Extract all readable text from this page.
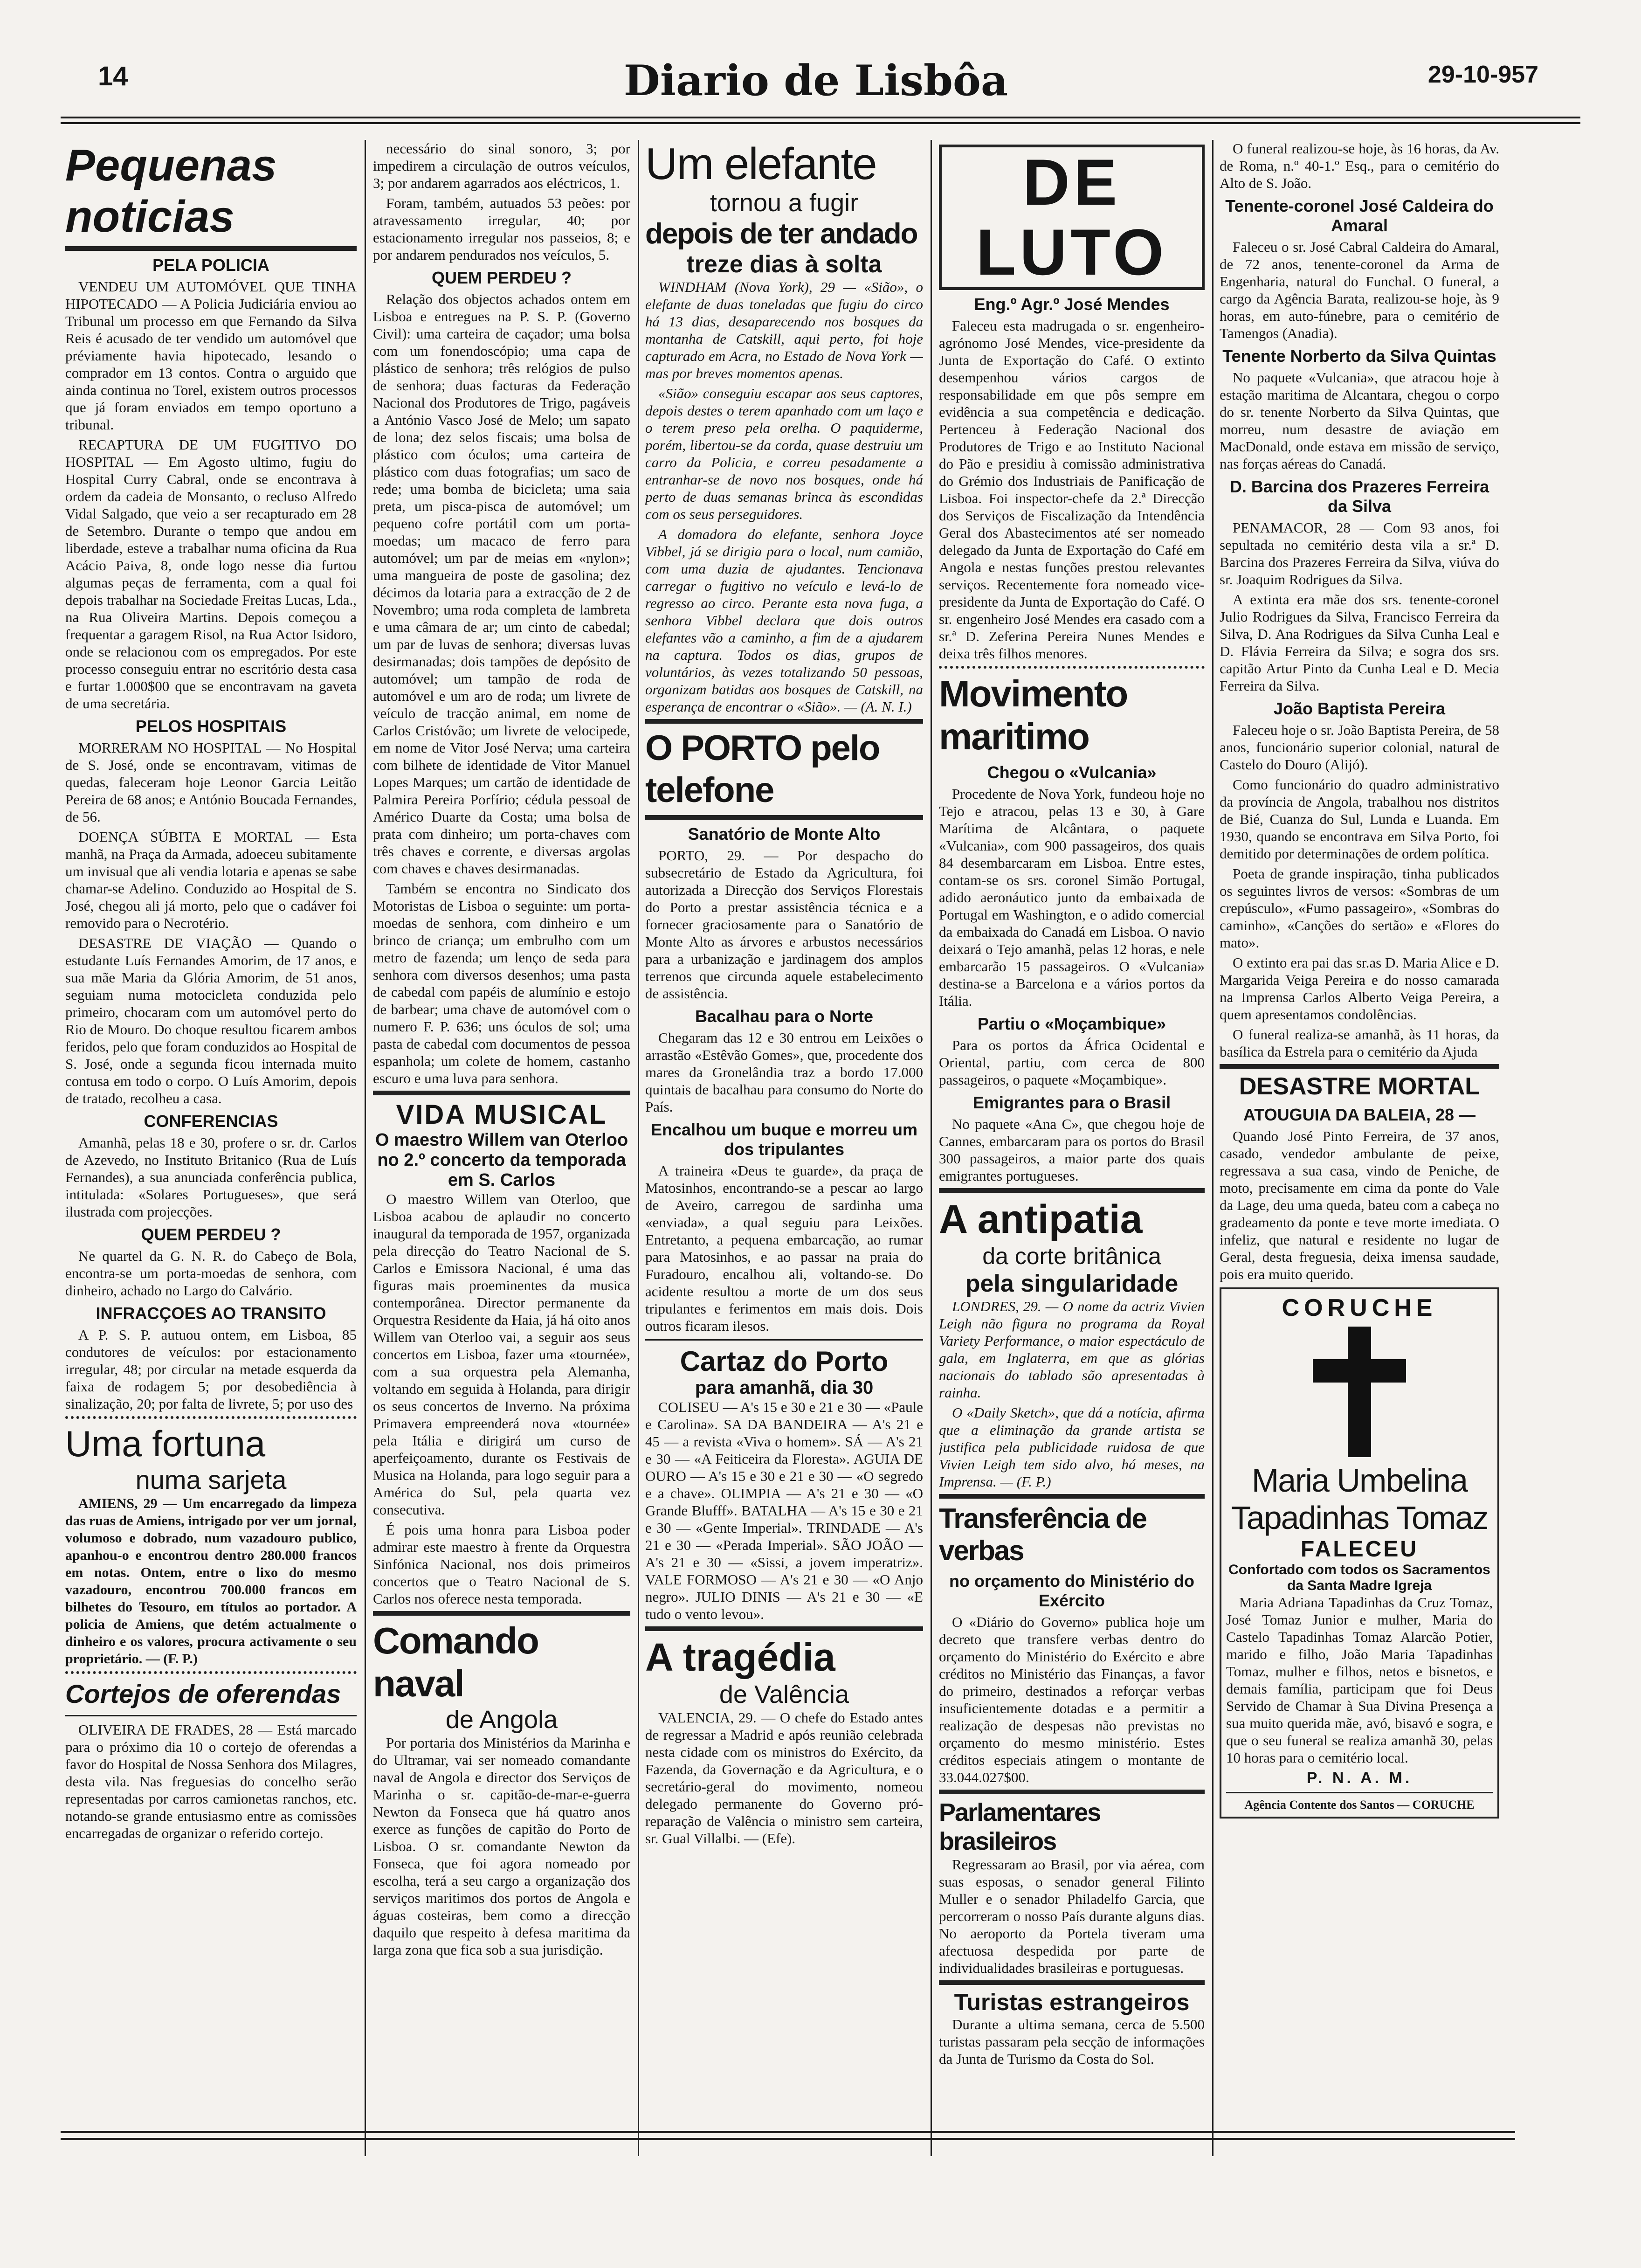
14	Diario de Lisbôa	29-10-957
Pequenas noticias
PELA POLICIA

VENDEU UM AUTOMÓVEL QUE TINHA HIPOTECADO — A Policia Judiciária enviou ao Tribunal um processo em que Fernando da Silva Reis é acusado de ter vendido um automóvel que préviamente havia hipotecado, lesando o comprador em 13 contos. Contra o arguido que ainda continua no Torel, existem outros processos que já foram enviados em tempo oportuno a tribunal.

RECAPTURA DE UM FUGITIVO DO HOSPITAL — Em Agosto ultimo, fugiu do Hospital Curry Cabral, onde se encontrava à ordem da cadeia de Monsanto, o recluso Alfredo Vidal Salgado, que veio a ser recapturado em 28 de Setembro. Durante o tempo que andou em liberdade, esteve a trabalhar numa oficina da Rua Acácio Paiva, 8, onde logo nesse dia furtou algumas peças de ferramenta, com a qual foi depois trabalhar na Sociedade Freitas Lucas, Lda., na Rua Oliveira Martins. Depois começou a frequentar a garagem Risol, na Rua Actor Isidoro, onde se relacionou com os empregados. Por este processo conseguiu entrar no escritório desta casa e furtar 1.000$00 que se encontravam na gaveta de uma secretária.

PELOS HOSPITAIS

MORRERAM NO HOSPITAL — No Hospital de S. José, onde se encontravam, vitimas de quedas, faleceram hoje Leonor Garcia Leitão Pereira de 68 anos; e António Boucada Fernandes, de 56.

DOENÇA SÚBITA E MORTAL — Esta manhã, na Praça da Armada, adoeceu subitamente um invisual que ali vendia lotaria e apenas se sabe chamar-se Adelino. Conduzido ao Hospital de S. José, chegou ali já morto, pelo que o cadáver foi removido para o Necrotério.

DESASTRE DE VIAÇÃO — Quando o estudante Luís Fernandes Amorim, de 17 anos, e sua mãe Maria da Glória Amorim, de 51 anos, seguiam numa motocicleta conduzida pelo primeiro, chocaram com um automóvel perto do Rio de Mouro. Do choque resultou ficarem ambos feridos, pelo que foram conduzidos ao Hospital de S. José, onde a segunda ficou internada muito contusa em todo o corpo. O Luís Amorim, depois de tratado, recolheu a casa.

CONFERENCIAS

Amanhã, pelas 18 e 30, profere o sr. dr. Carlos de Azevedo, no Instituto Britanico (Rua de Luís Fernandes), a sua anunciada conferência publica, intitulada: «Solares Portugueses», que será ilustrada com projecções.

QUEM PERDEU ?

Ne quartel da G. N. R. do Cabeço de Bola, encontra-se um porta-moedas de senhora, com dinheiro, achado no Largo do Calvário.

INFRACÇOES AO TRANSITO

A P. S. P. autuou ontem, em Lisboa, 85 condutores de veículos: por estacionamento irregular, 48; por circular na metade esquerda da faixa de rodagem 5; por desobediência à sinalização, 20; por falta de livrete, 5; por uso des

Uma fortuna
numa sarjeta

AMIENS, 29 — Um encarregado da limpeza das ruas de Amiens, intrigado por ver um jornal, volumoso e dobrado, num vazadouro publico, apanhou-o e encontrou dentro 280.000 francos em notas. Ontem, entre o lixo do mesmo vazadouro, encontrou 700.000 francos em bilhetes do Tesouro, em títulos ao portador. A policia de Amiens, que detém actualmente o dinheiro e os valores, procura activamente o seu proprietário. — (F. P.)

Cortejos de oferendas

OLIVEIRA DE FRADES, 28 — Está marcado para o próximo dia 10 o cortejo de oferendas a favor do Hospital de Nossa Senhora dos Milagres, desta vila. Nas freguesias do concelho serão representadas por carros camionetas ranchos, etc. notando-se grande entusiasmo entre as comissões encarregadas de organizar o referido cortejo.

necessário do sinal sonoro, 3; por impedirem a circulação de outros veículos, 3; por andarem agarrados aos eléctricos, 1.

Foram, também, autuados 53 peões: por atravessamento irregular, 40; por estacionamento irregular nos passeios, 8; e por andarem pendurados nos veículos, 5.

QUEM PERDEU ?

Relação dos objectos achados ontem em Lisboa e entregues na P. S. P. (Governo Civil): uma carteira de caçador; uma bolsa com um fonendoscópio; uma capa de plástico de senhora; três relógios de pulso de senhora; duas facturas da Federação Nacional dos Produtores de Trigo, pagáveis a António Vasco José de Melo; um sapato de lona; dez selos fiscais; uma bolsa de plástico com óculos; uma carteira de plástico com duas fotografias; um saco de rede; uma bomba de bicicleta; uma saia preta, um pisca-pisca de automóvel; um pequeno cofre portátil com um porta-moedas; um macaco de ferro para automóvel; um par de meias em «nylon»; uma mangueira de poste de gasolina; dez décimos da lotaria para a extracção de 2 de Novembro; uma roda completa de lambreta e uma câmara de ar; um cinto de cabedal; um par de luvas de senhora; diversas luvas desirmanadas; dois tampões de depósito de automóvel; um tampão de roda de automóvel e um aro de roda; um livrete de veículo de tracção animal, em nome de Carlos Cristóvão; um livrete de velocipede, em nome de Vitor José Nerva; uma carteira com bilhete de identidade de Vitor Manuel Lopes Marques; um cartão de identidade de Palmira Pereira Porfírio; cédula pessoal de Américo Duarte da Costa; uma bolsa de prata com dinheiro; um porta-chaves com três chaves e corrente, e diversas argolas com chaves e chaves desirmanadas.

Também se encontra no Sindicato dos Motoristas de Lisboa o seguinte: um porta-moedas de senhora, com dinheiro e um brinco de criança; um embrulho com um metro de fazenda; um lenço de seda para senhora com diversos desenhos; uma pasta de cabedal com papéis de alumínio e estojo de barbear; uma chave de automóvel com o numero F. P. 636; uns óculos de sol; uma pasta de cabedal com documentos de pessoa espanhola; um colete de homem, castanho escuro e uma luva para senhora.

VIDA MUSICAL
O maestro Willem van Oterloo no 2.º concerto da temporada em S. Carlos

O maestro Willem van Oterloo, que Lisboa acabou de aplaudir no concerto inaugural da temporada de 1957, organizada pela direcção do Teatro Nacional de S. Carlos e Emissora Nacional, é uma das figuras mais proeminentes da musica contemporânea. Director permanente da Orquestra Residente da Haia, já há oito anos Willem van Oterloo vai, a seguir aos seus concertos em Lisboa, fazer uma «tournée», com a sua orquestra pela Alemanha, voltando em seguida à Holanda, para dirigir os seus concertos de Inverno. Na próxima Primavera empreenderá nova «tournée» pela Itália e dirigirá um curso de aperfeiçoamento, durante os Festivais de Musica na Holanda, para logo seguir para a América do Sul, pela quarta vez consecutiva.

É pois uma honra para Lisboa poder admirar este maestro à frente da Orquestra Sinfónica Nacional, nos dois primeiros concertos que o Teatro Nacional de S. Carlos nos oferece nesta temporada.

Comando naval
de Angola

Por portaria dos Ministérios da Marinha e do Ultramar, vai ser nomeado comandante naval de Angola e director dos Serviços de Marinha o sr. capitão-de-mar-e-guerra Newton da Fonseca que há quatro anos exerce as funções de capitão do Porto de Lisboa. O sr. comandante Newton da Fonseca, que foi agora nomeado por escolha, terá a seu cargo a organização dos serviços maritimos dos portos de Angola e águas costeiras, bem como a direcção daquilo que respeito à defesa maritima da larga zona que fica sob a sua jurisdição.

Um elefante
tornou a fugir
depois de ter andado
treze dias à solta

WINDHAM (Nova York), 29 — «Sião», o elefante de duas toneladas que fugiu do circo há 13 dias, desaparecendo nos bosques da montanha de Catskill, aqui perto, foi hoje capturado em Acra, no Estado de Nova York — mas por breves momentos apenas.

«Sião» conseguiu escapar aos seus captores, depois destes o terem apanhado com um laço e o terem preso pela orelha. O paquiderme, porém, libertou-se da corda, quase destruiu um carro da Policia, e correu pesadamente a entranhar-se de novo nos bosques, onde há perto de duas semanas brinca às escondidas com os seus perseguidores.

A domadora do elefante, senhora Joyce Vibbel, já se dirigia para o local, num camião, com uma duzia de ajudantes. Tencionava carregar o fugitivo no veículo e levá-lo de regresso ao circo. Perante esta nova fuga, a senhora Vibbel declara que dois outros elefantes vão a caminho, a fim de a ajudarem na captura. Todos os dias, grupos de voluntários, às vezes totalizando 50 pessoas, organizam batidas aos bosques de Catskill, na esperança de encontrar o «Sião». — (A. N. I.)

O PORTO pelo telefone
Sanatório de Monte Alto

PORTO, 29. — Por despacho do subsecretário de Estado da Agricultura, foi autorizada a Direcção dos Serviços Florestais do Porto a prestar assistência técnica e a fornecer graciosamente para o Sanatório de Monte Alto as árvores e arbustos necessários para a urbanização e jardinagem dos amplos terrenos que circunda aquele estabelecimento de assistência.

Bacalhau para o Norte

Chegaram das 12 e 30 entrou em Leixões o arrastão «Estêvão Gomes», que, procedente dos mares da Gronelândia traz a bordo 17.000 quintais de bacalhau para consumo do Norte do País.

Encalhou um buque e morreu um dos tripulantes

A traineira «Deus te guarde», da praça de Matosinhos, encontrando-se a pescar ao largo de Aveiro, carregou de sardinha uma «enviada», a qual seguiu para Leixões. Entretanto, a pequena embarcação, ao rumar para Matosinhos, e ao passar na praia do Furadouro, encalhou ali, voltando-se. Do acidente resultou a morte de um dos seus tripulantes e ferimentos em mais dois. Dois outros ficaram ilesos.

Cartaz do Porto
para amanhã, dia 30

COLISEU — A's 15 e 30 e 21 e 30 — «Paule e Carolina». SA DA BANDEIRA — A's 21 e 45 — a revista «Viva o homem». SÁ — A's 21 e 30 — «A Feiticeira da Floresta». AGUIA DE OURO — A's 15 e 30 e 21 e 30 — «O segredo e a chave». OLIMPIA — A's 21 e 30 — «O Grande Blufff». BATALHA — A's 15 e 30 e 21 e 30 — «Gente Imperial». TRINDADE — A's 21 e 30 — «Perada Imperial». SÃO JOÃO — A's 21 e 30 — «Sissi, a jovem imperatriz». VALE FORMOSO — A's 21 e 30 — «O Anjo negro». JULIO DINIS — A's 21 e 30 — «E tudo o vento levou».

A tragédia
de Valência

VALENCIA, 29. — O chefe do Estado antes de regressar a Madrid e após reunião celebrada nesta cidade com os ministros do Exército, da Fazenda, da Governação e da Agricultura, e o secretário-geral do movimento, nomeou delegado permanente do Governo pró-reparação de Valência o ministro sem carteira, sr. Gual Villalbi. — (Efe).

DE LUTO
Eng.º Agr.º José Mendes

Faleceu esta madrugada o sr. engenheiro-agrónomo José Mendes, vice-presidente da Junta de Exportação do Café. O extinto desempenhou vários cargos de responsabilidade em que pôs sempre em evidência a sua competência e dedicação. Pertenceu à Federação Nacional dos Produtores de Trigo e ao Instituto Nacional do Pão e presidiu à comissão administrativa do Grémio dos Industriais de Panificação de Lisboa. Foi inspector-chefe da 2.ª Direcção dos Serviços de Fiscalização da Intendência Geral dos Abastecimentos até ser nomeado delegado da Junta de Exportação do Café em Angola e nestas funções prestou relevantes serviços. Recentemente fora nomeado vice-presidente da Junta de Exportação do Café. O sr. engenheiro José Mendes era casado com a sr.ª D. Zeferina Pereira Nunes Mendes e deixa três filhos menores.

Movimento maritimo
Chegou o «Vulcania»

Procedente de Nova York, fundeou hoje no Tejo e atracou, pelas 13 e 30, à Gare Marítima de Alcântara, o paquete «Vulcania», com 900 passageiros, dos quais 84 desembarcaram em Lisboa. Entre estes, contam-se os srs. coronel Simão Portugal, adido aeronáutico junto da embaixada de Portugal em Washington, e o adido comercial da embaixada do Canadá em Lisboa. O navio deixará o Tejo amanhã, pelas 12 horas, e nele embarcarão 15 passageiros. O «Vulcania» destina-se a Barcelona e a vários portos da Itália.

Partiu o «Moçambique»

Para os portos da África Ocidental e Oriental, partiu, com cerca de 800 passageiros, o paquete «Moçambique».

Emigrantes para o Brasil

No paquete «Ana C», que chegou hoje de Cannes, embarcaram para os portos do Brasil 300 passageiros, a maior parte dos quais emigrantes portugueses.

A antipatia
da corte britânica
pela singularidade

LONDRES, 29. — O nome da actriz Vivien Leigh não figura no programa da Royal Variety Performance, o maior espectáculo de gala, em Inglaterra, em que as glórias nacionais do tablado são apresentadas à rainha.

O «Daily Sketch», que dá a notícia, afirma que a eliminação da grande artista se justifica pela publicidade ruidosa de que Vivien Leigh tem sido alvo, há meses, na Imprensa. — (F. P.)

Transferência de verbas
no orçamento do Ministério do Exército

O «Diário do Governo» publica hoje um decreto que transfere verbas dentro do orçamento do Ministério do Exército e abre créditos no Ministério das Finanças, a favor do primeiro, destinados a reforçar verbas insuficientemente dotadas e a permitir a realização de despesas não previstas no orçamento do mesmo ministério. Estes créditos especiais atingem o montante de 33.044.027$00.

Parlamentares brasileiros

Regressaram ao Brasil, por via aérea, com suas esposas, o senador general Filinto Muller e o senador Philadelfo Garcia, que percorreram o nosso País durante alguns dias. No aeroporto da Portela tiveram uma afectuosa despedida por parte de individualidades brasileiras e portuguesas.

Turistas estrangeiros

Durante a ultima semana, cerca de 5.500 turistas passaram pela secção de informações da Junta de Turismo da Costa do Sol.

O funeral realizou-se hoje, às 16 horas, da Av. de Roma, n.º 40-1.º Esq., para o cemitério do Alto de S. João.

Tenente-coronel José Caldeira do Amaral

Faleceu o sr. José Cabral Caldeira do Amaral, de 72 anos, tenente-coronel da Arma de Engenharia, natural do Funchal. O funeral, a cargo da Agência Barata, realizou-se hoje, às 9 horas, em auto-fúnebre, para o cemitério de Tamengos (Anadia).

Tenente Norberto da Silva Quintas

No paquete «Vulcania», que atracou hoje à estação maritima de Alcantara, chegou o corpo do sr. tenente Norberto da Silva Quintas, que morreu, num desastre de aviação em MacDonald, onde estava em missão de serviço, nas forças aéreas do Canadá.

D. Barcina dos Prazeres Ferreira da Silva

PENAMACOR, 28 — Com 93 anos, foi sepultada no cemitério desta vila a sr.ª D. Barcina dos Prazeres Ferreira da Silva, viúva do sr. Joaquim Rodrigues da Silva.

A extinta era mãe dos srs. tenente-coronel Julio Rodrigues da Silva, Francisco Ferreira da Silva, D. Ana Rodrigues da Silva Cunha Leal e D. Flávia Ferreira da Silva; e sogra dos srs. capitão Artur Pinto da Cunha Leal e D. Mecia Ferreira da Silva.

João Baptista Pereira

Faleceu hoje o sr. João Baptista Pereira, de 58 anos, funcionário superior colonial, natural de Castelo do Douro (Alijó).

Como funcionário do quadro administrativo da província de Angola, trabalhou nos distritos de Bié, Cuanza do Sul, Lunda e Luanda. Em 1930, quando se encontrava em Silva Porto, foi demitido por determinações de ordem política.

Poeta de grande inspiração, tinha publicados os seguintes livros de versos: «Sombras de um crepúsculo», «Fumo passageiro», «Sombras do caminho», «Canções do sertão» e «Flores do mato».

O extinto era pai das sr.as D. Maria Alice e D. Margarida Veiga Pereira e do nosso camarada na Imprensa Carlos Alberto Veiga Pereira, a quem apresentamos condolências.

O funeral realiza-se amanhã, às 11 horas, da basílica da Estrela para o cemitério da Ajuda

DESASTRE MORTAL
ATOUGUIA DA BALEIA, 28 —

Quando José Pinto Ferreira, de 37 anos, casado, vendedor ambulante de peixe, regressava a sua casa, vindo de Peniche, de moto, precisamente em cima da ponte do Vale da Lage, deu uma queda, bateu com a cabeça no gradeamento da ponte e teve morte imediata. O infeliz, que natural e residente no lugar de Geral, desta freguesia, deixa imensa saudade, pois era muito querido.

CORUCHE
Maria Umbelina
Tapadinhas Tomaz
FALECEU
Confortado com todos os Sacramentos da Santa Madre Igreja

Maria Adriana Tapadinhas da Cruz Tomaz, José Tomaz Junior e mulher, Maria do Castelo Tapadinhas Tomaz Alarcão Potier, marido e filho, João Maria Tapadinhas Tomaz, mulher e filhos, netos e bisnetos, e demais família, participam que foi Deus Servido de Chamar à Sua Divina Presença a sua muito querida mãe, avó, bisavó e sogra, e que o seu funeral se realiza amanhã 30, pelas 10 horas para o cemitério local.

P. N. A. M.
Agência Contente dos Santos — CORUCHE
